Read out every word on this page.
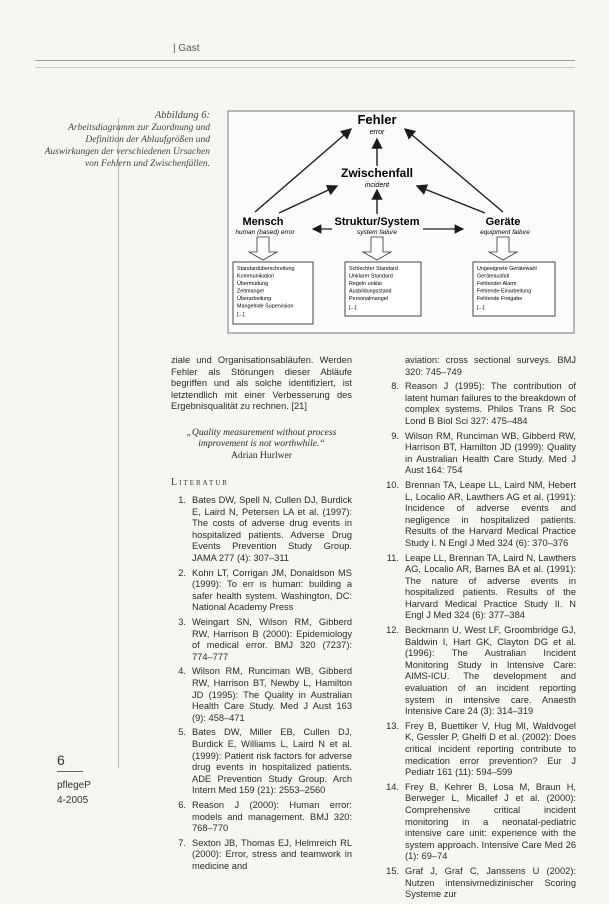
| Gast
Abbildung 6:
Arbeitsdiagramm zur Zuordnung und Definition der Ablaufgrößen und Auswirkungen der verschiedenen Ursachen von Fehlern und Zwischenfällen.
Fehler
error
Zwischenfall
incident
Mensch
human (based) error
Struktur/System
system failure
Geräte
equipment failure
Standardüberschreitung
Kommunikation
Übermüdung
Zeitmangel
Überarbeitung
Mangelnde Supervision
[...]
Schlechter Standard
Unklarer Standard
Regeln unklar
Ausbildungsstand
Personalmangel
[...]
Ungeeignete Gerätewahl
Geräteausfall
Fehlender Alarm
Fehlende Einarbeitung
Fehlende Freigabe
[...]

ziale und Organisationsabläufen. Werden Fehler als Störungen dieser Abläufe begriffen und als solche identifiziert, ist letztendlich mit einer Verbesserung des Ergebnisqualität zu rechnen. [21]

„Quality measurement without process improvement is not worthwhile.“
Adrian Hurlwer
Literatur
1. Bates DW, Spell N, Cullen DJ, Burdick E, Laird N, Petersen LA et al. (1997): The costs of adverse drug events in hospitalized patients. Adverse Drug Events Prevention Study Group. JAMA 277 (4): 307–311
2. Kohn LT, Corrigan JM, Donaldson MS (1999): To err is human: building a safer health system. Washington, DC: National Academy Press
3. Weingart SN, Wilson RM, Gibberd RW, Harrison B (2000): Epidemiology of medical error. BMJ 320 (7237): 774–777
4. Wilson RM, Runciman WB, Gibberd RW, Harrison BT, Newby L, Hamilton JD (1995): The Quality in Australian Health Care Study. Med J Aust 163 (9): 458–471
5. Bates DW, Miller EB, Cullen DJ, Burdick E, Williams L, Laird N et al. (1999): Patient risk factors for adverse drug events in hospitalized patients. ADE Prevention Study Group. Arch Intern Med 159 (21): 2553–2560
6. Reason J (2000): Human error: models and management. BMJ 320: 768–770
7. Sexton JB, Thomas EJ, Helmreich RL (2000): Error, stress and teamwork in medicine and
aviation: cross sectional surveys. BMJ 320: 745–749
8. Reason J (1995): The contribution of latent human failures to the breakdown of complex systems. Philos Trans R Soc Lond B Biol Sci 327: 475–484
9. Wilson RM, Runciman WB, Gibberd RW, Harrison BT, Hamilton JD (1999): Quality in Australian Health Care Study. Med J Aust 164: 754
10. Brennan TA, Leape LL, Laird NM, Hebert L, Localio AR, Lawthers AG et al. (1991): Incidence of adverse events and negligence in hospitalized patients. Results of the Harvard Medical Practice Study I. N Engl J Med 324 (6): 370–376
11. Leape LL, Brennan TA, Laird N, Lawthers AG, Localio AR, Barnes BA et al. (1991): The nature of adverse events in hospitalized patients. Results of the Harvard Medical Practice Study II. N Engl J Med 324 (6): 377–384
12. Beckmann U, West LF, Groombridge GJ, Baldwin I, Hart GK, Clayton DG et al. (1996): The Australian Incident Monitoring Study in Intensive Care: AIMS-ICU. The development and evaluation of an incident reporting system in intensive care. Anaesth Intensive Care 24 (3): 314–319
13. Frey B, Buettiker V, Hug MI, Waldvogel K, Gessler P, Ghelfi D et al. (2002): Does critical incident reporting contribute to medication error prevention? Eur J Pediatr 161 (11): 594–599
14. Frey B, Kehrer B, Losa M, Braun H, Berweger L, Micallef J et al. (2000): Comprehensive critical incident monitoring in a neonatal-pediatric intensive care unit: experience with the system approach. Intensive Care Med 26 (1): 69–74
15. Graf J, Graf C, Janssens U (2002): Nutzen intensivmedizinischer Scoring Systeme zur
6
pflegeP
4-2005
